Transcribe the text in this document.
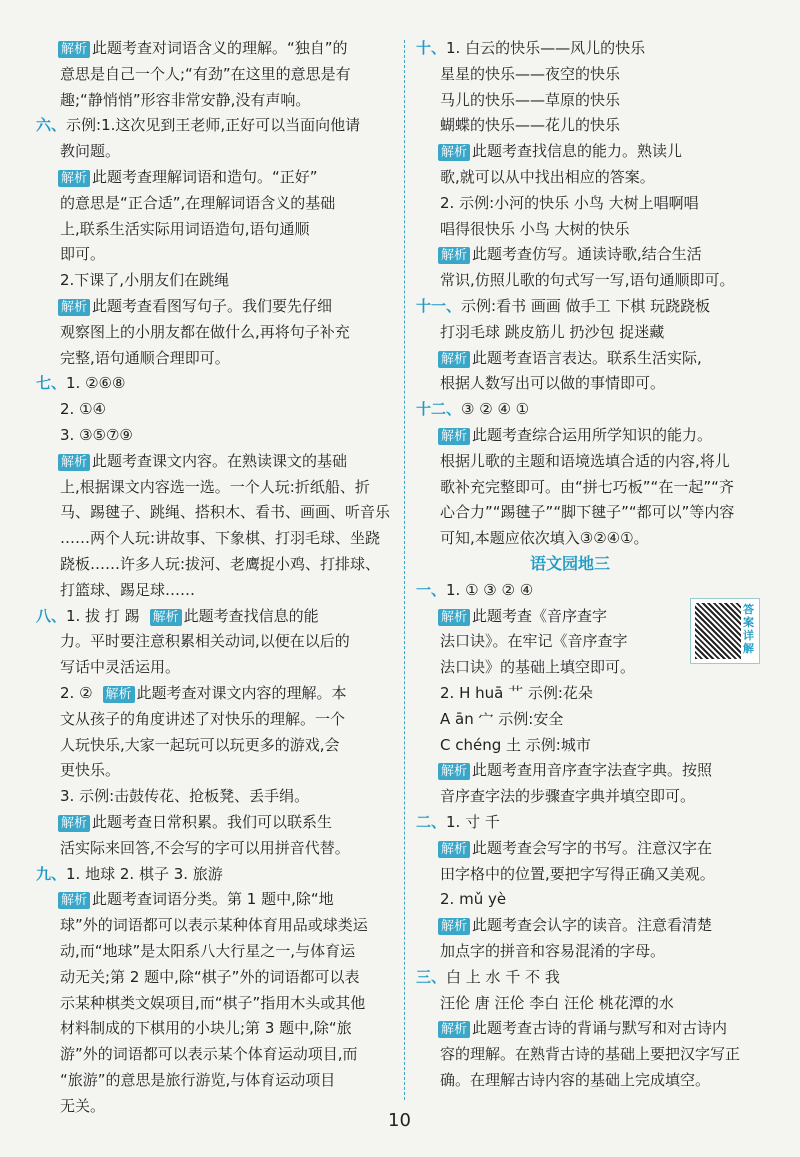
解析 此题考查对词语含义的理解。“独自”的
意思是自己一个人;“有劲”在这里的意思是有
趣;“静悄悄”形容非常安静,没有声响。
六、示例:1.这次见到王老师,正好可以当面向他请
教问题。
解析 此题考查理解词语和造句。“正好”
的意思是“正合适”,在理解词语含义的基础
上,联系生活实际用词语造句,语句通顺
即可。
2.下课了,小朋友们在跳绳
解析 此题考查看图写句子。我们要先仔细
观察图上的小朋友都在做什么,再将句子补充
完整,语句通顺合理即可。
七、1. ②⑥⑧
2. ①④
3. ③⑤⑦⑨
解析 此题考查课文内容。在熟读课文的基础
上,根据课文内容选一选。一个人玩:折纸船、折
马、踢毽子、跳绳、搭积木、看书、画画、听音乐
……两个人玩:讲故事、下象棋、打羽毛球、坐跷
跷板……许多人玩:拔河、老鹰捉小鸡、打排球、
打篮球、踢足球……
八、1. 拔 打 踢 解析 此题考查找信息的能
力。平时要注意积累相关动词,以便在以后的
写话中灵活运用。
2. ② 解析 此题考查对课文内容的理解。本
文从孩子的角度讲述了对快乐的理解。一个
人玩快乐,大家一起玩可以玩更多的游戏,会
更快乐。
3. 示例:击鼓传花、抢板凳、丢手绢。
解析 此题考查日常积累。我们可以联系生
活实际来回答,不会写的字可以用拼音代替。
九、1. 地球 2. 棋子 3. 旅游
解析 此题考查词语分类。第 1 题中,除“地
球”外的词语都可以表示某种体育用品或球类运
动,而“地球”是太阳系八大行星之一,与体育运
动无关;第 2 题中,除“棋子”外的词语都可以表
示某种棋类文娱项目,而“棋子”指用木头或其他
材料制成的下棋用的小块儿;第 3 题中,除“旅
游”外的词语都可以表示某个体育运动项目,而
“旅游”的意思是旅行游览,与体育运动项目
无关。
十、1. 白云的快乐——风儿的快乐
星星的快乐——夜空的快乐
马儿的快乐——草原的快乐
蝴蝶的快乐——花儿的快乐
解析 此题考查找信息的能力。熟读儿
歌,就可以从中找出相应的答案。
2. 示例:小河的快乐 小鸟 大树上唱啊唱
唱得很快乐 小鸟 大树的快乐
解析 此题考查仿写。通读诗歌,结合生活
常识,仿照儿歌的句式写一写,语句通顺即可。
十一、示例:看书 画画 做手工 下棋 玩跷跷板
打羽毛球 跳皮筋儿 扔沙包 捉迷藏
解析 此题考查语言表达。联系生活实际,
根据人数写出可以做的事情即可。
十二、③ ② ④ ①
解析 此题考查综合运用所学知识的能力。
根据儿歌的主题和语境选填合适的内容,将儿
歌补充完整即可。由“拼七巧板”“在一起”“齐
心合力”“踢毽子”“脚下毽子”“都可以”等内容
可知,本题应依次填入③②④①。
语文园地三
一、1. ① ③ ② ④
解析 此题考查《音序查字
法口诀》。在牢记《音序查字
法口诀》的基础上填空即可。
2. H huā 艹 示例:花朵
A ān 宀 示例:安全
C chéng 土 示例:城市
解析 此题考查用音序查字法查字典。按照
音序查字法的步骤查字典并填空即可。
二、1. 寸 千
解析 此题考查会写字的书写。注意汉字在
田字格中的位置,要把字写得正确又美观。
2. mǔ yè
解析 此题考查会认字的读音。注意看清楚
加点字的拼音和容易混淆的字母。
三、白 上 水 千 不 我
汪伦 唐 汪伦 李白 汪伦 桃花潭的水
解析 此题考查古诗的背诵与默写和对古诗内
容的理解。在熟背古诗的基础上要把汉字写正
确。在理解古诗内容的基础上完成填空。
答案详解
10
